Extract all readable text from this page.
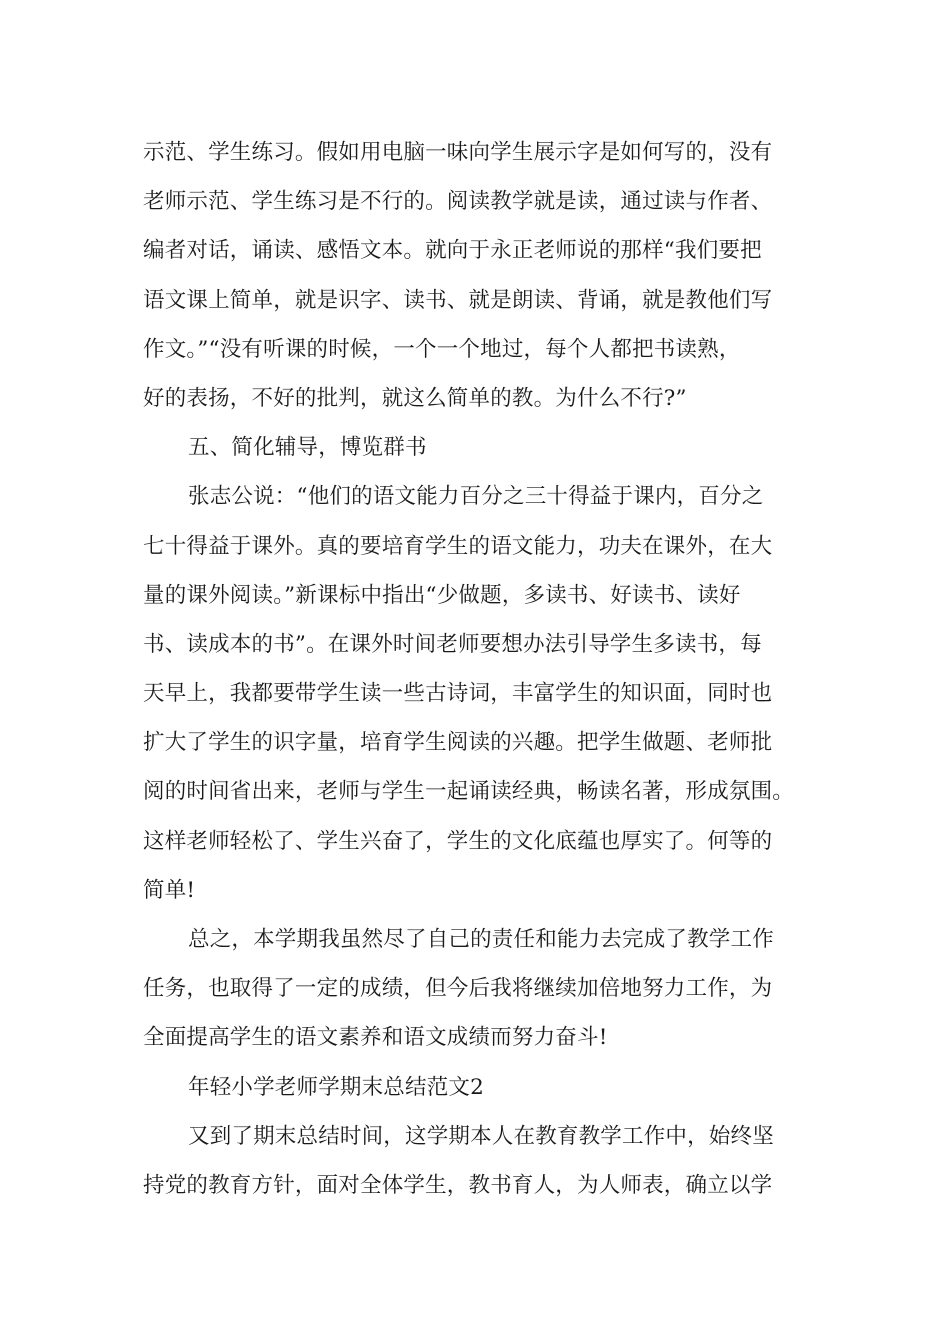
示范、学生练习。假如用电脑一味向学生展示字是如何写的，没有
老师示范、学生练习是不行的。阅读教学就是读，通过读与作者、
编者对话，诵读、感悟文本。就向于永正老师说的那样“我们要把
语文课上简单，就是识字、读书、就是朗读、背诵，就是教他们写
作文。”“没有听课的时候，一个一个地过，每个人都把书读熟，
好的表扬，不好的批判，就这么简单的教。为什么不行?”
五、简化辅导，博览群书
张志公说：“他们的语文能力百分之三十得益于课内，百分之
七十得益于课外。真的要培育学生的语文能力，功夫在课外，在大
量的课外阅读。”新课标中指出“少做题，多读书、好读书、读好
书、读成本的书”。在课外时间老师要想办法引导学生多读书，每
天早上，我都要带学生读一些古诗词，丰富学生的知识面，同时也
扩大了学生的识字量，培育学生阅读的兴趣。把学生做题、老师批
阅的时间省出来，老师与学生一起诵读经典，畅读名著，形成氛围。
这样老师轻松了、学生兴奋了，学生的文化底蕴也厚实了。何等的
简单!
总之，本学期我虽然尽了自己的责任和能力去完成了教学工作
任务，也取得了一定的成绩，但今后我将继续加倍地努力工作，为
全面提高学生的语文素养和语文成绩而努力奋斗!
年轻小学老师学期末总结范文2
又到了期末总结时间，这学期本人在教育教学工作中，始终坚
持党的教育方针，面对全体学生，教书育人，为人师表，确立以学
